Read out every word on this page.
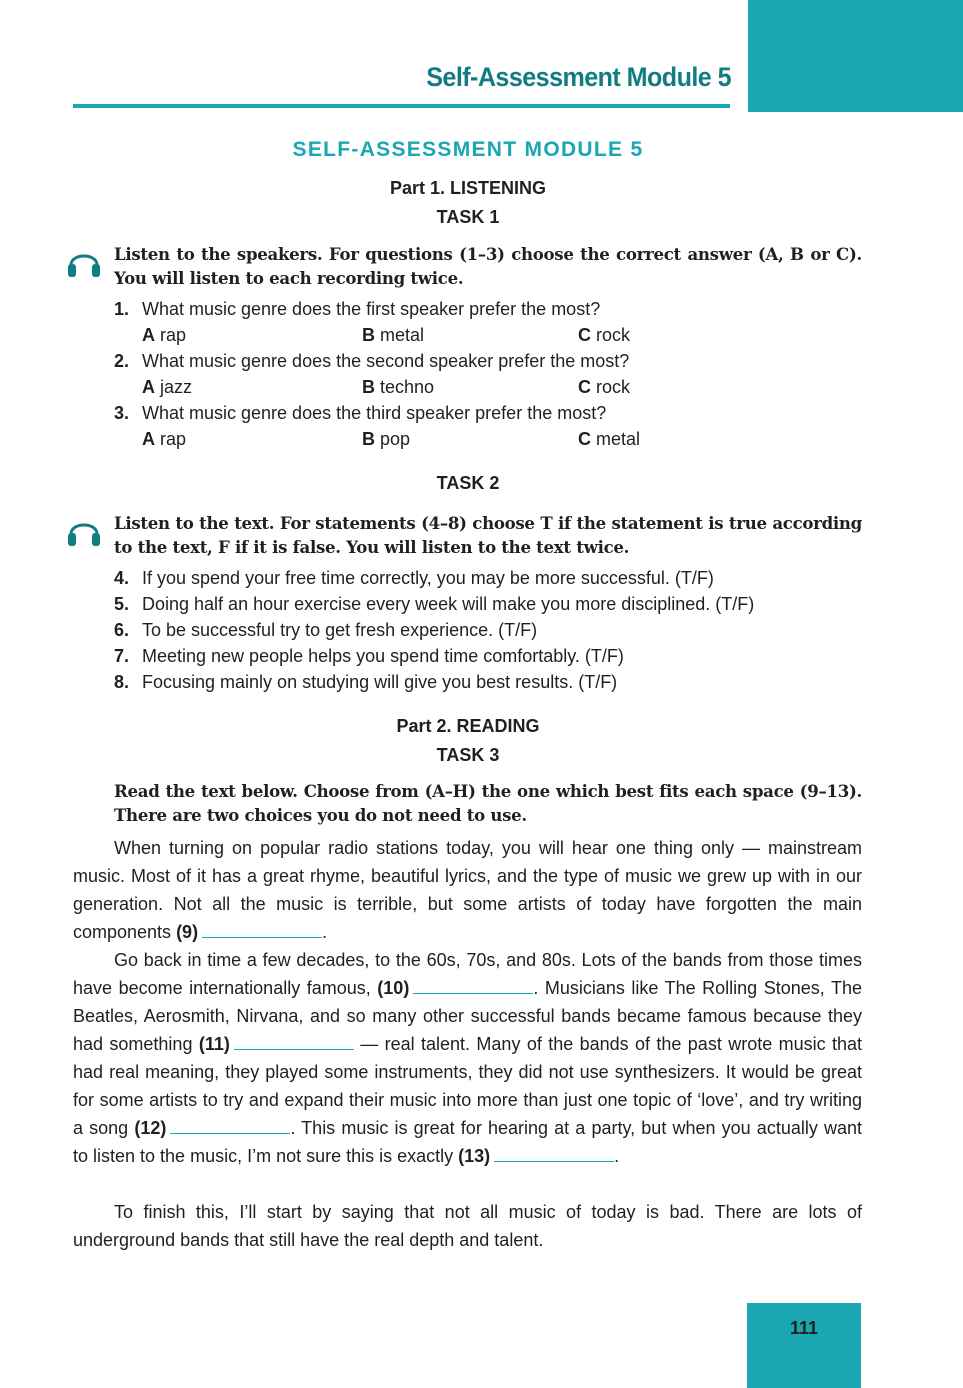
Self-Assessment Module 5
SELF-ASSESSMENT MODULE 5
Part 1. LISTENING
TASK 1
Listen to the speakers. For questions (1–3) choose the correct answer (A, B or C). You will listen to each recording twice.
1. What music genre does the first speaker prefer the most?
A rap	B metal	C rock
2. What music genre does the second speaker prefer the most?
A jazz	B techno	C rock
3. What music genre does the third speaker prefer the most?
A rap	B pop	C metal
TASK 2
Listen to the text. For statements (4–8) choose T if the statement is true according to the text, F if it is false. You will listen to the text twice.
4. If you spend your free time correctly, you may be more successful. (T/F)
5. Doing half an hour exercise every week will make you more disciplined. (T/F)
6. To be successful try to get fresh experience. (T/F)
7. Meeting new people helps you spend time comfortably. (T/F)
8. Focusing mainly on studying will give you best results. (T/F)
Part 2. READING
TASK 3
Read the text below. Choose from (A–H) the one which best fits each space (9–13). There are two choices you do not need to use.

When turning on popular radio stations today, you will hear one thing only — mainstream music. Most of it has a great rhyme, beautiful lyrics, and the type of music we grew up with in our generation. Not all the music is terrible, but some artists of today have forgotten the main components (9)	.

Go back in time a few decades, to the 60s, 70s, and 80s. Lots of the bands from those times have become internationally famous, (10)	. Musicians like The Rolling Stones, The Beatles, Aerosmith, Nirvana, and so many other successful bands became famous because they had something (11)	— real talent. Many of the bands of the past wrote music that had real meaning, they played some instruments, they did not use synthesizers. It would be great for some artists to try and expand their music into more than just one topic of ‘love’, and try writing a song (12)	. This music is great for hearing at a party, but when you actually want to listen to the music, I’m not sure this is exactly (13)	.

To finish this, I’ll start by saying that not all music of today is bad. There are lots of underground bands that still have the real depth and talent.

111
